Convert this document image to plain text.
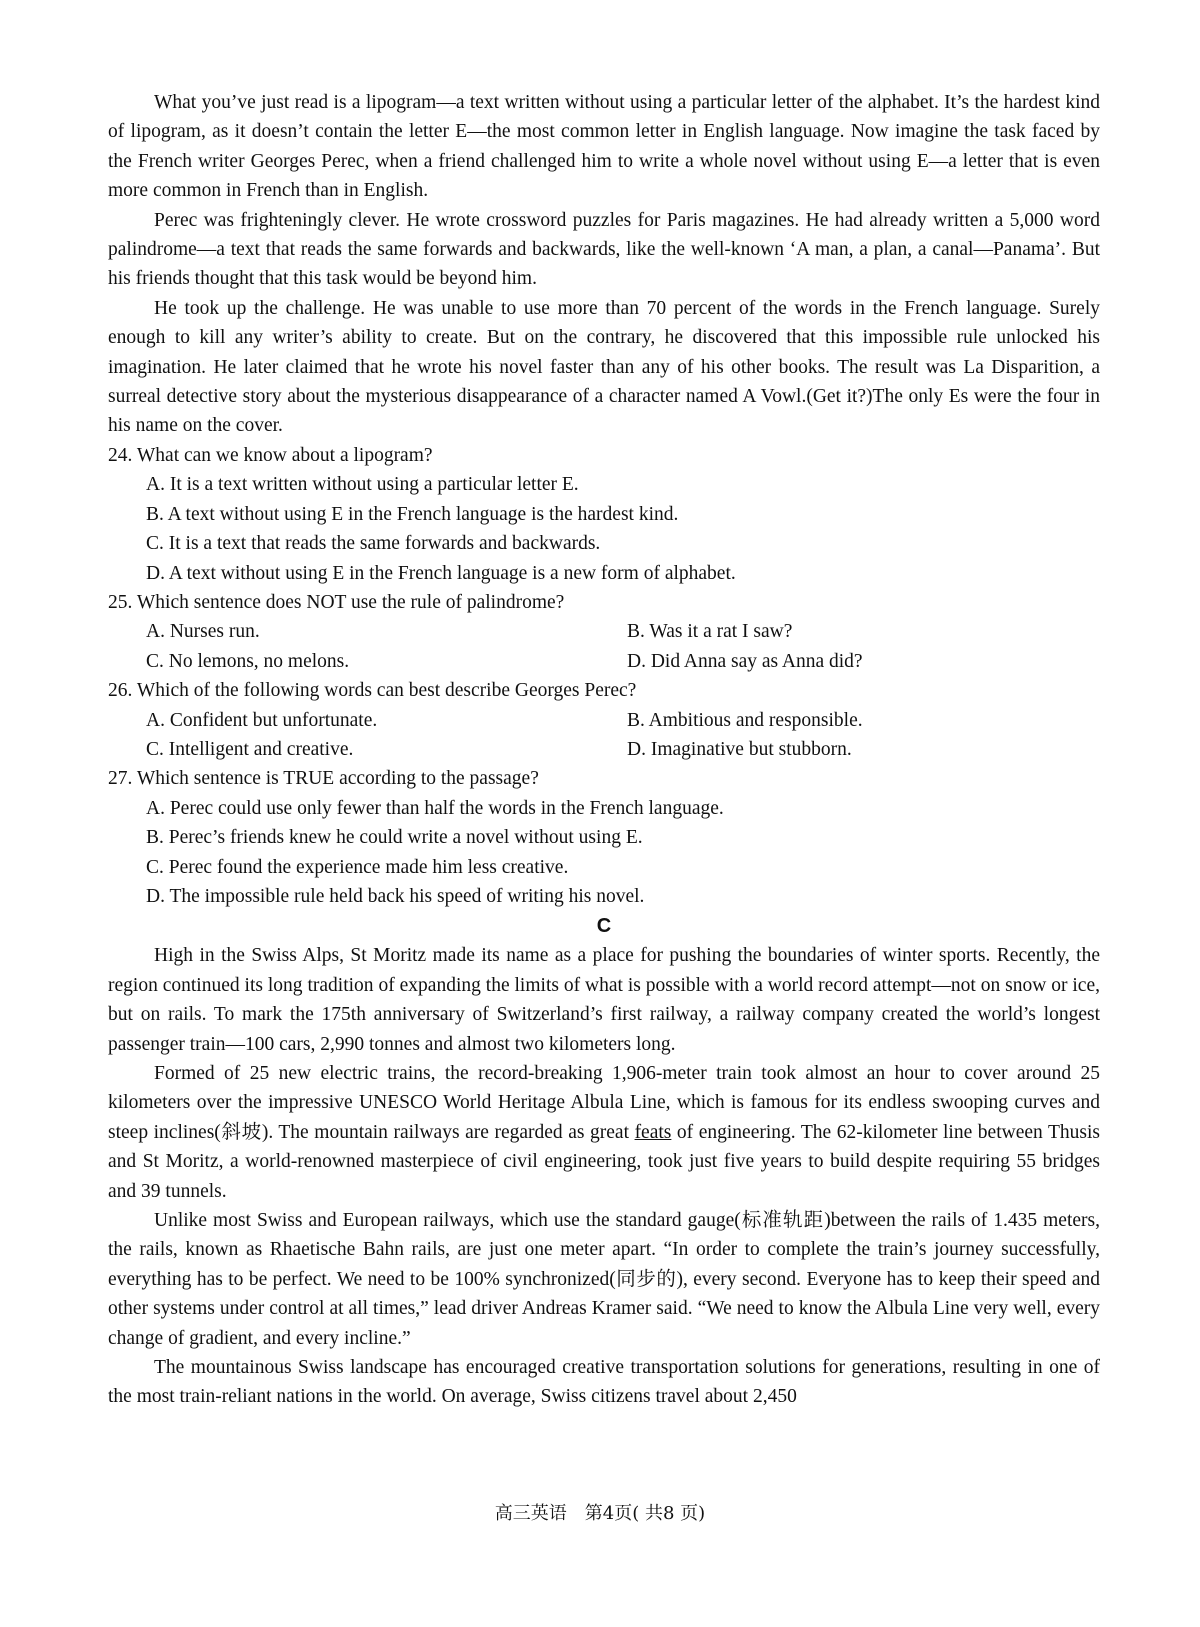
What you’ve just read is a lipogram—a text written without using a particular letter of the alphabet. It’s the hardest kind of lipogram, as it doesn’t contain the letter E—the most common letter in English language. Now imagine the task faced by the French writer Georges Perec, when a friend challenged him to write a whole novel without using E—a letter that is even more common in French than in English.

Perec was frighteningly clever. He wrote crossword puzzles for Paris magazines. He had already written a 5,000 word palindrome—a text that reads the same forwards and backwards, like the well-known ‘A man, a plan, a canal—Panama’. But his friends thought that this task would be beyond him.

He took up the challenge. He was unable to use more than 70 percent of the words in the French language. Surely enough to kill any writer’s ability to create. But on the contrary, he discovered that this impossible rule unlocked his imagination. He later claimed that he wrote his novel faster than any of his other books. The result was La Disparition, a surreal detective story about the mysterious disappearance of a character named A Vowl.(Get it?)The only Es were the four in his name on the cover.

24. What can we know about a lipogram?

A. It is a text written without using a particular letter E.

B. A text without using E in the French language is the hardest kind.

C. It is a text that reads the same forwards and backwards.

D. A text without using E in the French language is a new form of alphabet.

25. Which sentence does NOT use the rule of palindrome?

A. Nurses run.	B. Was it a rat I saw?
C. No lemons, no melons.	D. Did Anna say as Anna did?

26. Which of the following words can best describe Georges Perec?

A. Confident but unfortunate.	B. Ambitious and responsible.
C. Intelligent and creative.	D. Imaginative but stubborn.

27. Which sentence is TRUE according to the passage?

A. Perec could use only fewer than half the words in the French language.

B. Perec’s friends knew he could write a novel without using E.

C. Perec found the experience made him less creative.

D. The impossible rule held back his speed of writing his novel.

C

High in the Swiss Alps, St Moritz made its name as a place for pushing the boundaries of winter sports. Recently, the region continued its long tradition of expanding the limits of what is possible with a world record attempt—not on snow or ice, but on rails. To mark the 175th anniversary of Switzerland’s first railway, a railway company created the world’s longest passenger train—100 cars, 2,990 tonnes and almost two kilometers long.

Formed of 25 new electric trains, the record-breaking 1,906-meter train took almost an hour to cover around 25 kilometers over the impressive UNESCO World Heritage Albula Line, which is famous for its endless swooping curves and steep inclines(斜坡). The mountain railways are regarded as great feats of engineering. The 62-kilometer line between Thusis and St Moritz, a world-renowned masterpiece of civil engineering, took just five years to build despite requiring 55 bridges and 39 tunnels.

Unlike most Swiss and European railways, which use the standard gauge(标准轨距)between the rails of 1.435 meters, the rails, known as Rhaetische Bahn rails, are just one meter apart. “In order to complete the train’s journey successfully, everything has to be perfect. We need to be 100% synchronized(同步的), every second. Everyone has to keep their speed and other systems under control at all times,” lead driver Andreas Kramer said. “We need to know the Albula Line very well, every change of gradient, and every incline.”

The mountainous Swiss landscape has encouraged creative transportation solutions for generations, resulting in one of the most train-reliant nations in the world. On average, Swiss citizens travel about 2,450

高三英语　第4页( 共8 页)
